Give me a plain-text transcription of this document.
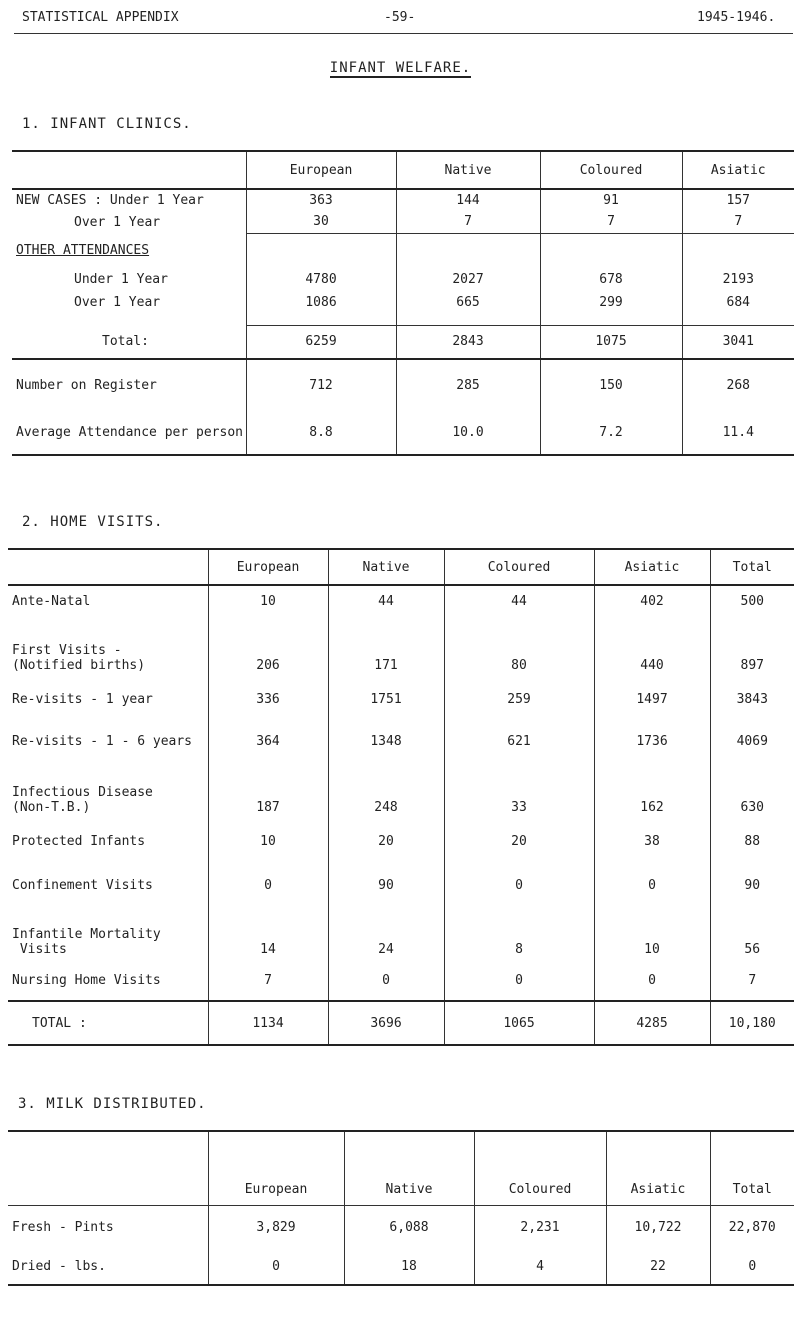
STATISTICAL APPENDIX	-59-	1945-1946.
INFANT WELFARE.
1. INFANT CLINICS.
	European	Native	Coloured	Asiatic
NEW CASES : Under 1 Year	363	144	91	157
Over 1 Year	30	7	7	7
OTHER ATTENDANCES				
Under 1 Year	4780	2027	678	2193
Over 1 Year	1086	665	299	684

Total:	6259	2843	1075	3041
Number on Register	712	285	150	268
Average Attendance per person	8.8	10.0	7.2	11.4
2. HOME VISITS.
	European	Native	Coloured	Asiatic	Total
Ante-Natal	10	44	44	402	500
First Visits -
(Notified births)	206	171	80	440	897
Re-visits - 1 year	336	1751	259	1497	3843
Re-visits - 1 - 6 years	364	1348	621	1736	4069
Infectious Disease
(Non-T.B.)	187	248	33	162	630
Protected Infants	10	20	20	38	88
Confinement Visits	0	90	0	0	90
Infantile Mortality
Visits	14	24	8	10	56
Nursing Home Visits	7	0	0	0	7
TOTAL :	1134	3696	1065	4285	10,180
3. MILK DISTRIBUTED.
	European	Native	Coloured	Asiatic	Total
Fresh - Pints	3,829	6,088	2,231	10,722	22,870
Dried - lbs.	0	18	4	22	0
